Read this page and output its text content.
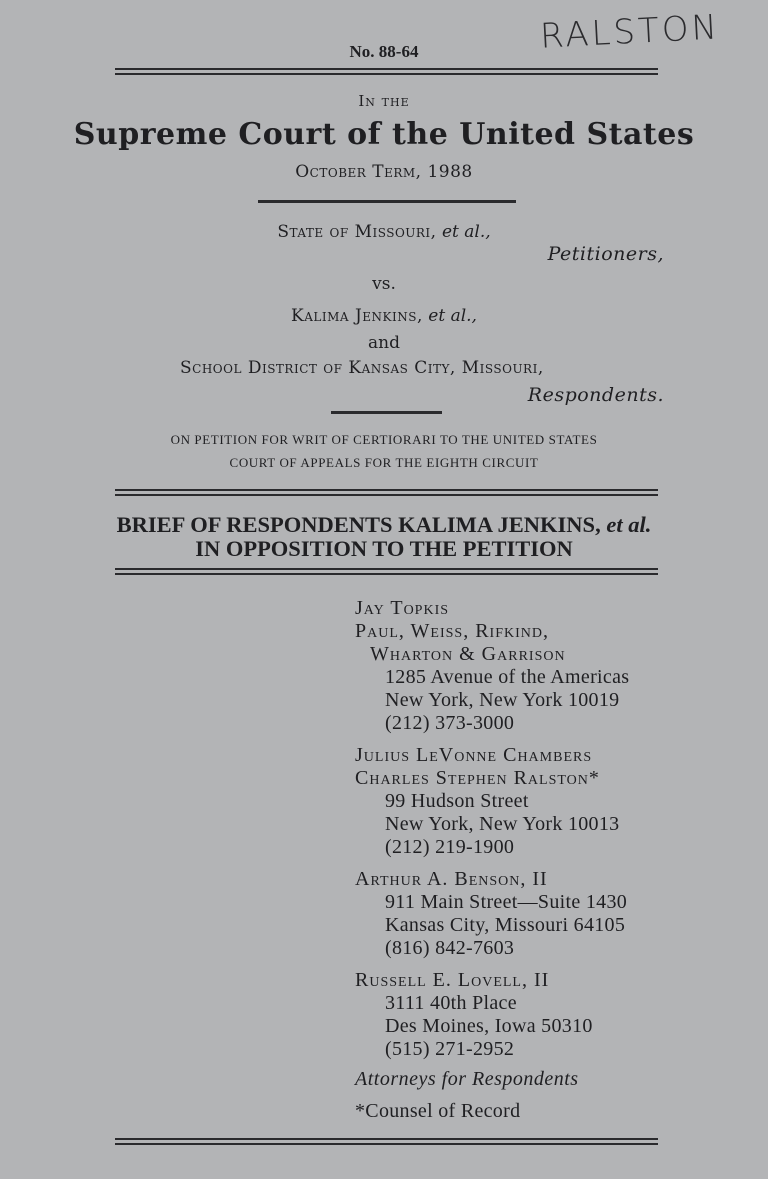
RALSTON
No. 88-64
In the
Supreme Court of the United States
October Term, 1988
State of Missouri, et al.,
Petitioners,
vs.
Kalima Jenkins, et al.,
and
School District of Kansas City, Missouri,
Respondents.
ON PETITION FOR WRIT OF CERTIORARI TO THE UNITED STATES
COURT OF APPEALS FOR THE EIGHTH CIRCUIT
BRIEF OF RESPONDENTS KALIMA JENKINS, et al.
IN OPPOSITION TO THE PETITION
Jay Topkis
Paul, Weiss, Rifkind,
Wharton & Garrison
1285 Avenue of the Americas
New York, New York 10019
(212) 373-3000
Julius LeVonne Chambers
Charles Stephen Ralston*
99 Hudson Street
New York, New York 10013
(212) 219-1900
Arthur A. Benson, II
911 Main Street—Suite 1430
Kansas City, Missouri 64105
(816) 842-7603
Russell E. Lovell, II
3111 40th Place
Des Moines, Iowa 50310
(515) 271-2952
Attorneys for Respondents
*Counsel of Record
